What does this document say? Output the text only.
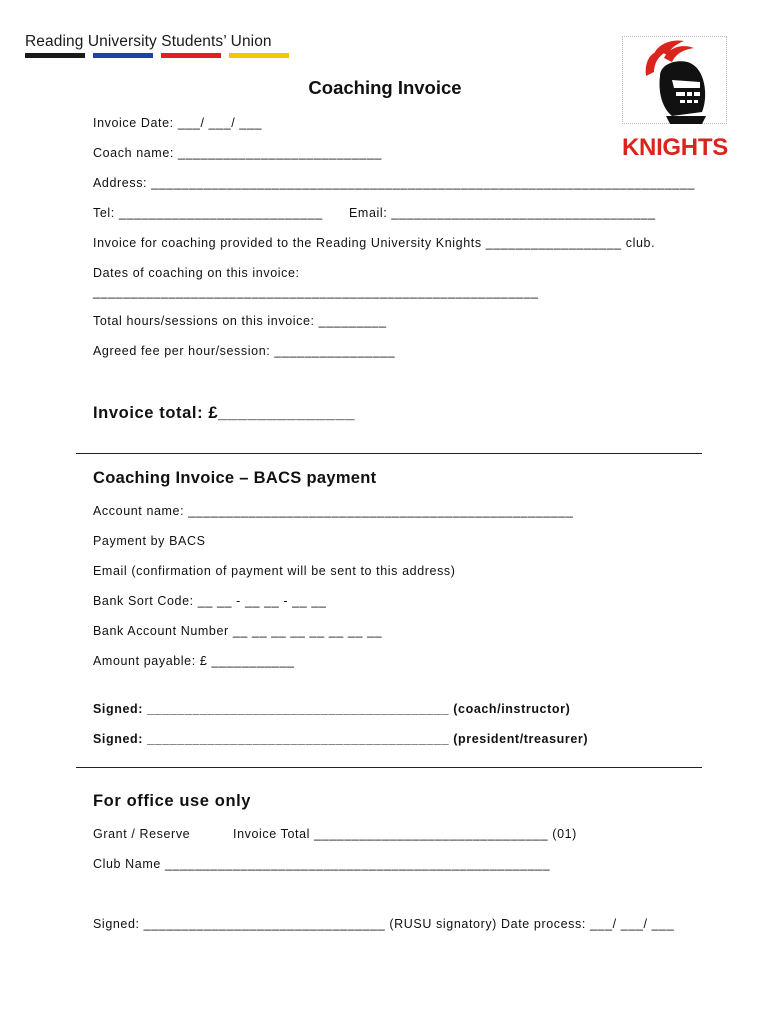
Reading University Students’ Union
KNIGHTS
Coaching Invoice
Invoice Date: ___/ ___/ ___
Coach name: ___________________________
Address: ________________________________________________________________________
Tel: ___________________________ Email: ___________________________________
Invoice for coaching provided to the Reading University Knights __________________ club.
Dates of coaching on this invoice:
___________________________________________________________
Total hours/sessions on this invoice: _________
Agreed fee per hour/session: ________________
Invoice total: £______________
Coaching Invoice – BACS payment
Account name: ___________________________________________________
Payment by BACS
Email (confirmation of payment will be sent to this address)
Bank Sort Code: __ __ - __ __ - __ __
Bank Account Number __ __ __ __ __ __ __ __
Amount payable: £ ___________
Signed: ________________________________________ (coach/instructor)
Signed: ________________________________________ (president/treasurer)
For office use only
Grant / Reserve	Invoice Total _______________________________ (01)
Club Name ___________________________________________________
Signed: ________________________________ (RUSU signatory) Date process: ___/ ___/ ___
